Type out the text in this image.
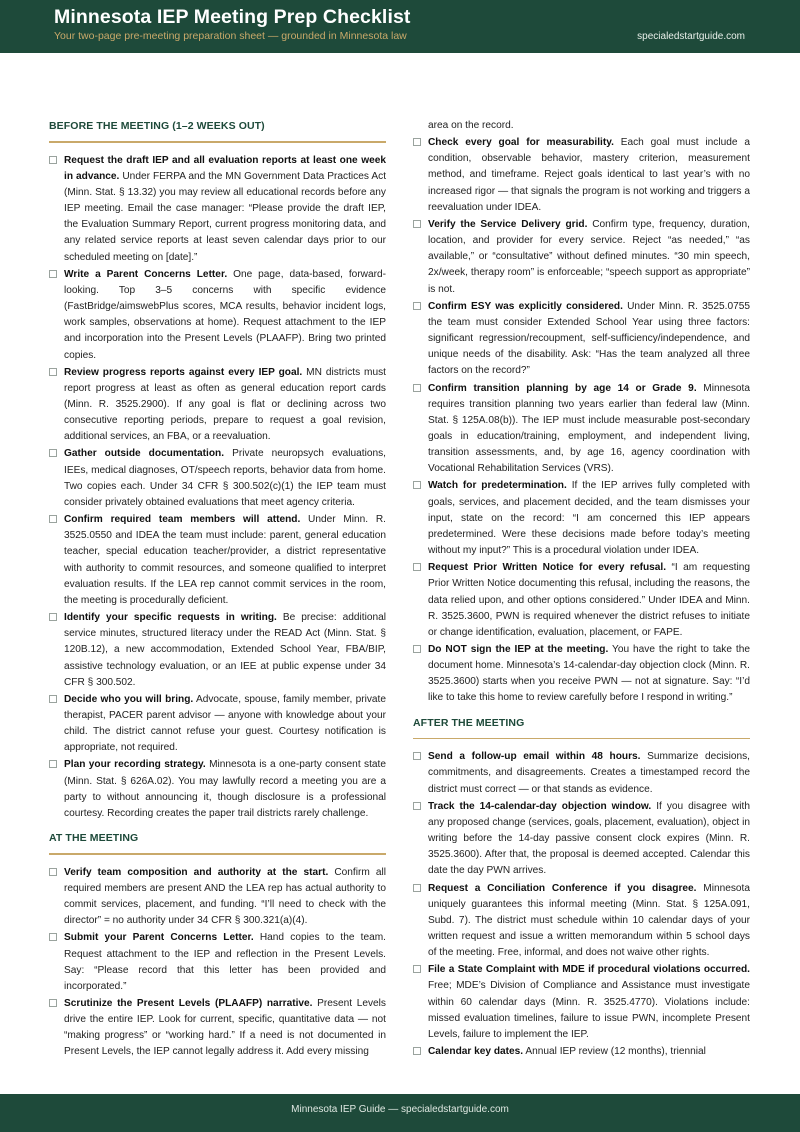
Minnesota IEP Meeting Prep Checklist
Your two-page pre-meeting preparation sheet — grounded in Minnesota law	specialedstartguide.com
BEFORE THE MEETING (1–2 WEEKS OUT)
Request the draft IEP and all evaluation reports at least one week in advance. Under FERPA and the MN Government Data Practices Act (Minn. Stat. § 13.32) you may review all educational records before any IEP meeting. Email the case manager: “Please provide the draft IEP, the Evaluation Summary Report, current progress monitoring data, and any related service reports at least seven calendar days prior to our scheduled meeting on [date].”
Write a Parent Concerns Letter. One page, data-based, forward-looking. Top 3–5 concerns with specific evidence (FastBridge/aimswebPlus scores, MCA results, behavior incident logs, work samples, observations at home). Request attachment to the IEP and incorporation into the Present Levels (PLAAFP). Bring two printed copies.
Review progress reports against every IEP goal. MN districts must report progress at least as often as general education report cards (Minn. R. 3525.2900). If any goal is flat or declining across two consecutive reporting periods, prepare to request a goal revision, additional services, an FBA, or a reevaluation.
Gather outside documentation. Private neuropsych evaluations, IEEs, medical diagnoses, OT/speech reports, behavior data from home. Two copies each. Under 34 CFR § 300.502(c)(1) the IEP team must consider privately obtained evaluations that meet agency criteria.
Confirm required team members will attend. Under Minn. R. 3525.0550 and IDEA the team must include: parent, general education teacher, special education teacher/provider, a district representative with authority to commit resources, and someone qualified to interpret evaluation results. If the LEA rep cannot commit services in the room, the meeting is procedurally deficient.
Identify your specific requests in writing. Be precise: additional service minutes, structured literacy under the READ Act (Minn. Stat. § 120B.12), a new accommodation, Extended School Year, FBA/BIP, assistive technology evaluation, or an IEE at public expense under 34 CFR § 300.502.
Decide who you will bring. Advocate, spouse, family member, private therapist, PACER parent advisor — anyone with knowledge about your child. The district cannot refuse your guest. Courtesy notification is appropriate, not required.
Plan your recording strategy. Minnesota is a one-party consent state (Minn. Stat. § 626A.02). You may lawfully record a meeting you are a party to without announcing it, though disclosure is a professional courtesy. Recording creates the paper trail districts rarely challenge.
AT THE MEETING
Verify team composition and authority at the start. Confirm all required members are present AND the LEA rep has actual authority to commit services, placement, and funding. “I’ll need to check with the director” = no authority under 34 CFR § 300.321(a)(4).
Submit your Parent Concerns Letter. Hand copies to the team. Request attachment to the IEP and reflection in the Present Levels. Say: “Please record that this letter has been provided and incorporated.”
Scrutinize the Present Levels (PLAAFP) narrative. Present Levels drive the entire IEP. Look for current, specific, quantitative data — not “making progress” or “working hard.” If a need is not documented in Present Levels, the IEP cannot legally address it. Add every missing
area on the record.
Check every goal for measurability. Each goal must include a condition, observable behavior, mastery criterion, measurement method, and timeframe. Reject goals identical to last year’s with no increased rigor — that signals the program is not working and triggers a reevaluation under IDEA.
Verify the Service Delivery grid. Confirm type, frequency, duration, location, and provider for every service. Reject “as needed,” “as available,” or “consultative” without defined minutes. “30 min speech, 2x/week, therapy room” is enforceable; “speech support as appropriate” is not.
Confirm ESY was explicitly considered. Under Minn. R. 3525.0755 the team must consider Extended School Year using three factors: significant regression/recoupment, self-sufficiency/independence, and unique needs of the disability. Ask: “Has the team analyzed all three factors on the record?”
Confirm transition planning by age 14 or Grade 9. Minnesota requires transition planning two years earlier than federal law (Minn. Stat. § 125A.08(b)). The IEP must include measurable post-secondary goals in education/training, employment, and independent living, transition assessments, and, by age 16, agency coordination with Vocational Rehabilitation Services (VRS).
Watch for predetermination. If the IEP arrives fully completed with goals, services, and placement decided, and the team dismisses your input, state on the record: “I am concerned this IEP appears predetermined. Were these decisions made before today’s meeting without my input?” This is a procedural violation under IDEA.
Request Prior Written Notice for every refusal. “I am requesting Prior Written Notice documenting this refusal, including the reasons, the data relied upon, and other options considered.” Under IDEA and Minn. R. 3525.3600, PWN is required whenever the district refuses to initiate or change identification, evaluation, placement, or FAPE.
Do NOT sign the IEP at the meeting. You have the right to take the document home. Minnesota’s 14-calendar-day objection clock (Minn. R. 3525.3600) starts when you receive PWN — not at signature. Say: “I’d like to take this home to review carefully before I respond in writing.”
AFTER THE MEETING
Send a follow-up email within 48 hours. Summarize decisions, commitments, and disagreements. Creates a timestamped record the district must correct — or that stands as evidence.
Track the 14-calendar-day objection window. If you disagree with any proposed change (services, goals, placement, evaluation), object in writing before the 14-day passive consent clock expires (Minn. R. 3525.3600). After that, the proposal is deemed accepted. Calendar this date the day PWN arrives.
Request a Conciliation Conference if you disagree. Minnesota uniquely guarantees this informal meeting (Minn. Stat. § 125A.091, Subd. 7). The district must schedule within 10 calendar days of your written request and issue a written memorandum within 5 school days of the meeting. Free, informal, and does not waive other rights.
File a State Complaint with MDE if procedural violations occurred. Free; MDE’s Division of Compliance and Assistance must investigate within 60 calendar days (Minn. R. 3525.4770). Violations include: missed evaluation timelines, failure to issue PWN, incomplete Present Levels, failure to implement the IEP.
Calendar key dates. Annual IEP review (12 months), triennial
Minnesota IEP Guide — specialedstartguide.com
